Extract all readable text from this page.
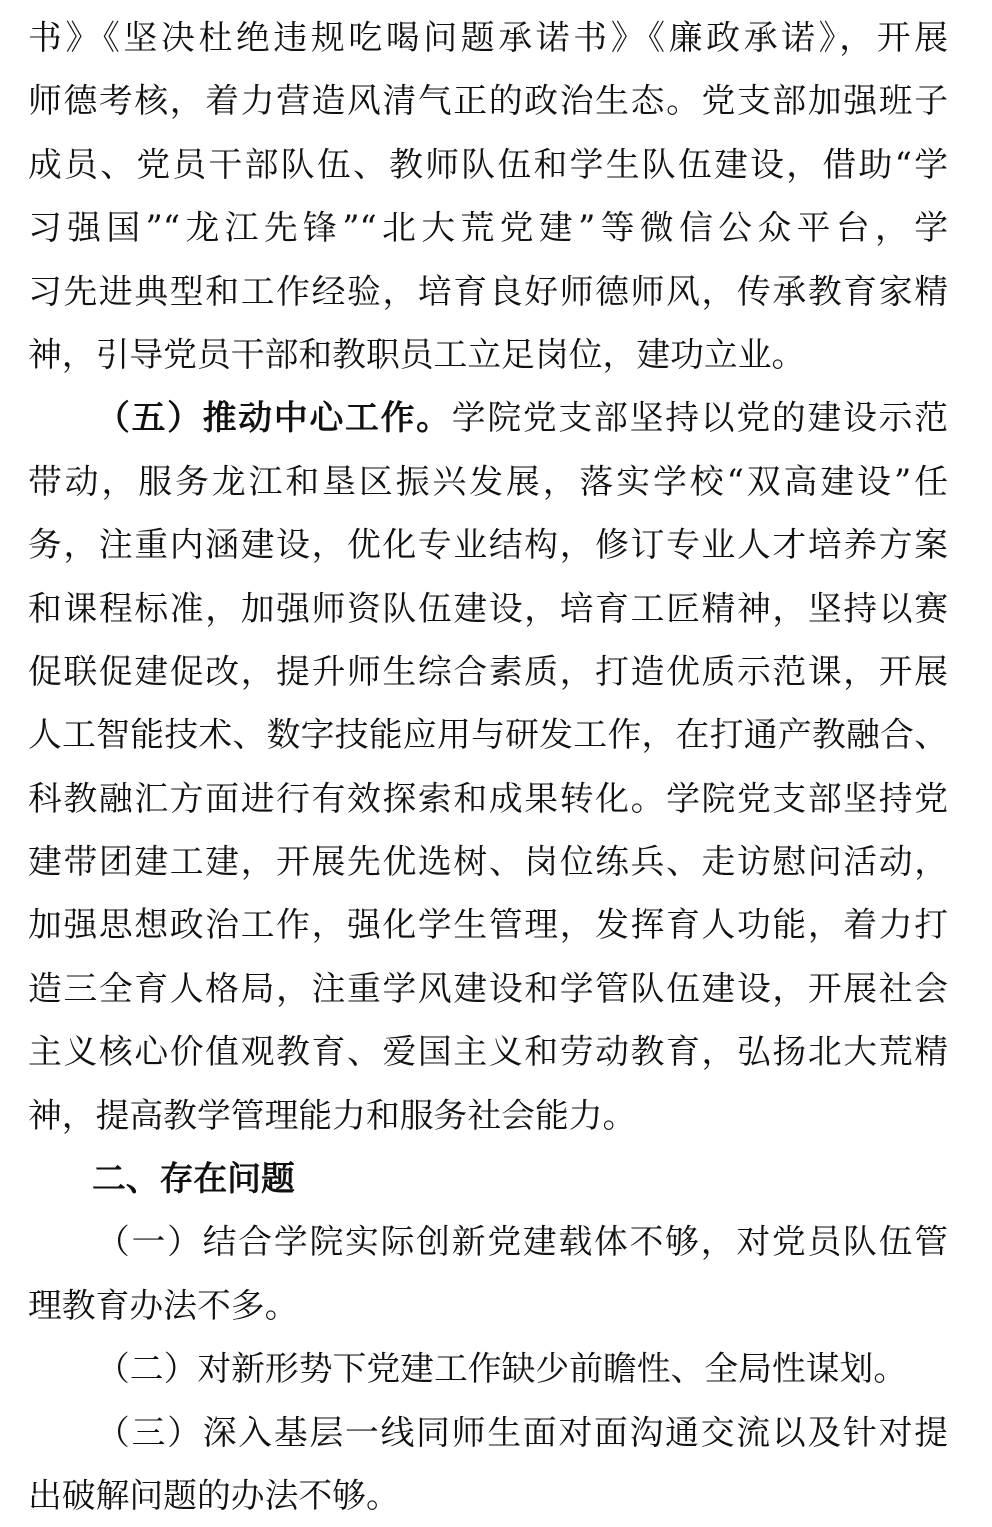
书》《坚决杜绝违规吃喝问题承诺书》《廉政承诺》，开展
师德考核，着力营造风清气正的政治生态。党支部加强班子
成员、党员干部队伍、教师队伍和学生队伍建设，借助“学
习强国”“龙江先锋”“北大荒党建”等微信公众平台，学
习先进典型和工作经验，培育良好师德师风，传承教育家精
神，引导党员干部和教职员工立足岗位，建功立业。
（五）推动中心工作。学院党支部坚持以党的建设示范
带动，服务龙江和垦区振兴发展，落实学校“双高建设”任
务，注重内涵建设，优化专业结构，修订专业人才培养方案
和课程标准，加强师资队伍建设，培育工匠精神，坚持以赛
促联促建促改，提升师生综合素质，打造优质示范课，开展
人工智能技术、数字技能应用与研发工作，在打通产教融合、
科教融汇方面进行有效探索和成果转化。学院党支部坚持党
建带团建工建，开展先优选树、岗位练兵、走访慰问活动，
加强思想政治工作，强化学生管理，发挥育人功能，着力打
造三全育人格局，注重学风建设和学管队伍建设，开展社会
主义核心价值观教育、爱国主义和劳动教育，弘扬北大荒精
神，提高教学管理能力和服务社会能力。
二、存在问题
（一）结合学院实际创新党建载体不够，对党员队伍管
理教育办法不多。
（二）对新形势下党建工作缺少前瞻性、全局性谋划。
（三）深入基层一线同师生面对面沟通交流以及针对提
出破解问题的办法不够。
